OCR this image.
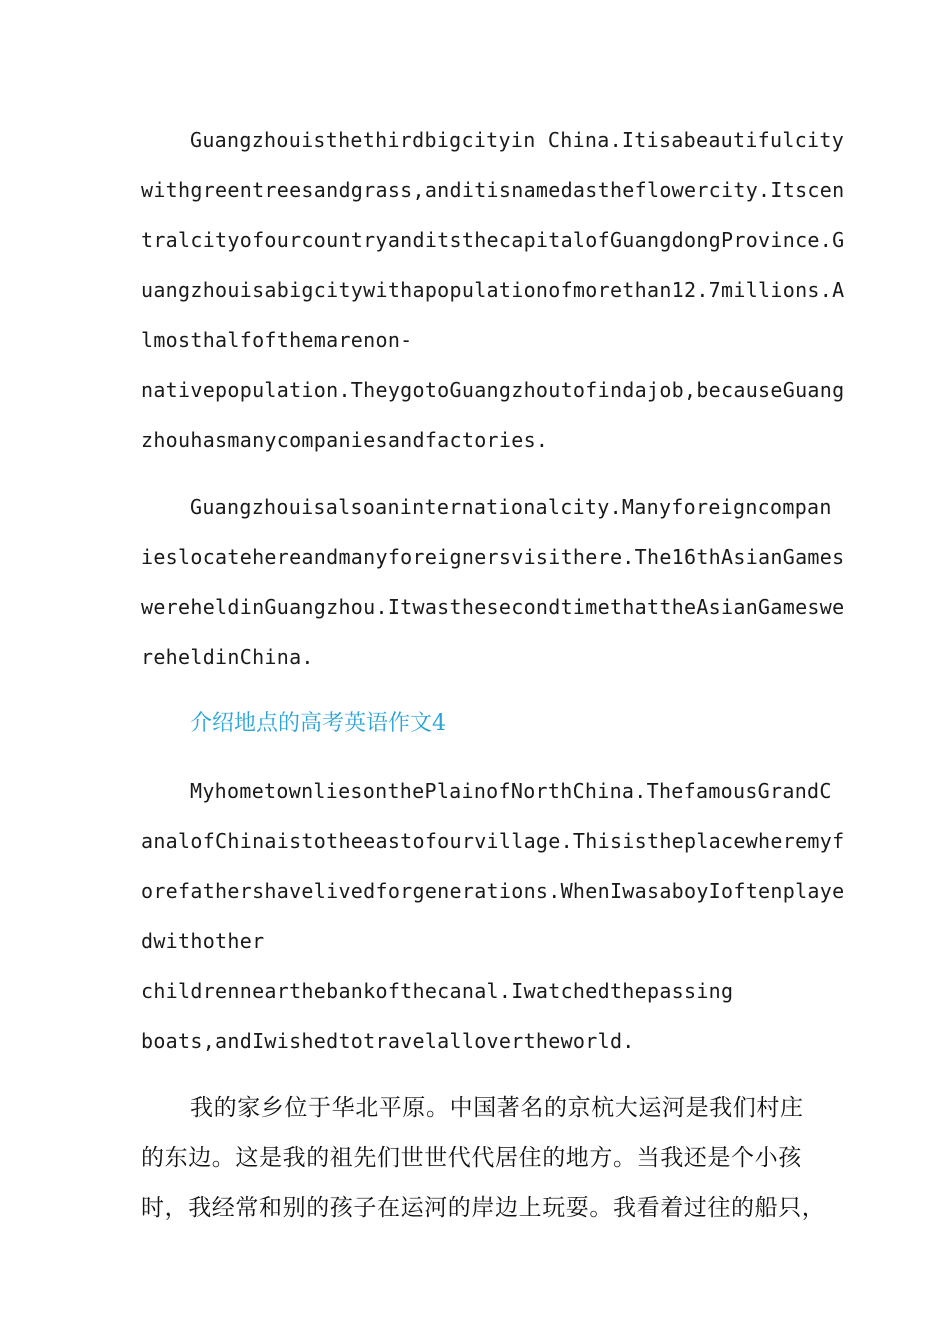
Guangzhouisthethirdbigcityin China.Itisabeautifulcity
withgreentreesandgrass,anditisnamedastheflowercity.Itscen
tralcityofourcountryanditsthecapitalofGuangdongProvince.G
uangzhouisabigcitywithapopulationofmorethan12.7millions.A
lmosthalfofthemarenon-
nativepopulation.TheygotoGuangzhoutofindajob,becauseGuang
zhouhasmanycompaniesandfactories.
Guangzhouisalsoaninternationalcity.Manyforeigncompan
ieslocatehereandmanyforeignersvisithere.The16thAsianGames
wereheldinGuangzhou.ItwasthesecondtimethattheAsianGameswe
reheldinChina.
介绍地点的高考英语作文4
MyhometownliesonthePlainofNorthChina.ThefamousGrandC
analofChinaistotheeastofourvillage.Thisistheplacewheremyf
orefathershavelivedforgenerations.WhenIwasaboyIoftenplaye
dwithother
childrennearthebankofthecanal.Iwatchedthepassing
boats,andIwishedtotravelallovertheworld.
我的家乡位于华北平原。中国著名的京杭大运河是我们村庄
的东边。这是我的祖先们世世代代居住的地方。当我还是个小孩
时，我经常和别的孩子在运河的岸边上玩耍。我看着过往的船只，
